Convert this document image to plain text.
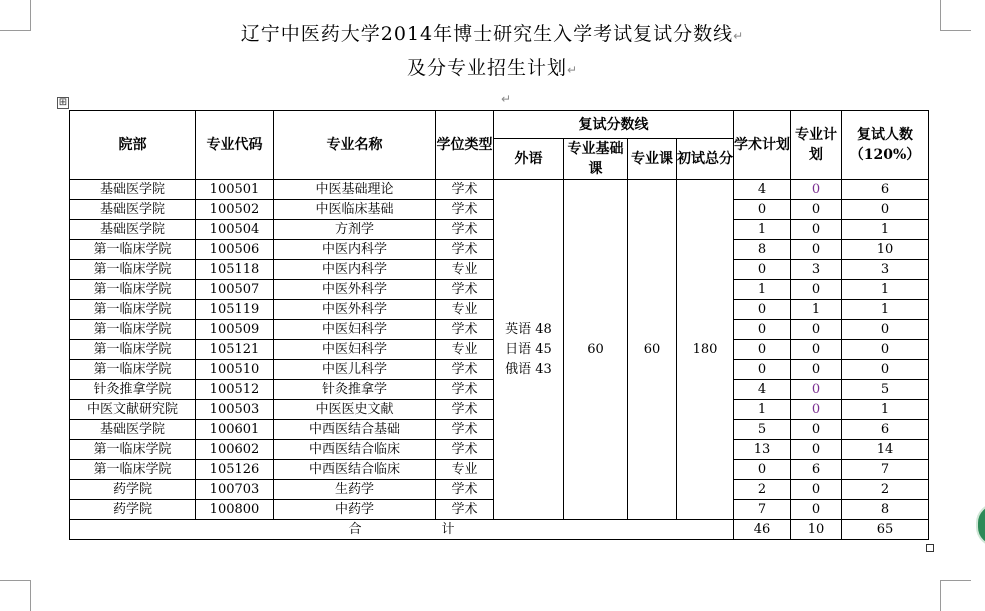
辽宁中医药大学2014年博士研究生入学考试复试分数线↵
及分专业招生计划↵
⊞	↵
院部	专业代码	专业名称	学位类型	复试分数线				学术计划	专业计划	复试人数（120%）
				外语	专业基础课	专业课	初试总分			
基础医学院	100501	中医基础理论	学术	英语 48
日语 45
俄语 43	60	60	180	4	0	6
基础医学院	100502	中医临床基础	学术					0	0	0
基础医学院	100504	方剂学	学术					1	0	1
第一临床学院	100506	中医内科学	学术					8	0	10
第一临床学院	105118	中医内科学	专业					0	3	3
第一临床学院	100507	中医外科学	学术					1	0	1
第一临床学院	105119	中医外科学	专业					0	1	1
第一临床学院	100509	中医妇科学	学术					0	0	0
第一临床学院	105121	中医妇科学	专业					0	0	0
第一临床学院	100510	中医儿科学	学术					0	0	0
针灸推拿学院	100512	针灸推拿学	学术					4	0	5
中医文献研究院	100503	中医医史文献	学术					1	0	1
基础医学院	100601	中西医结合基础	学术					5	0	6
第一临床学院	100602	中西医结合临床	学术					13	0	14
第一临床学院	105126	中西医结合临床	专业					0	6	7
药学院	100703	生药学	学术					2	0	2
药学院	100800	中药学	学术					7	0	8
合 计								46	10	65
